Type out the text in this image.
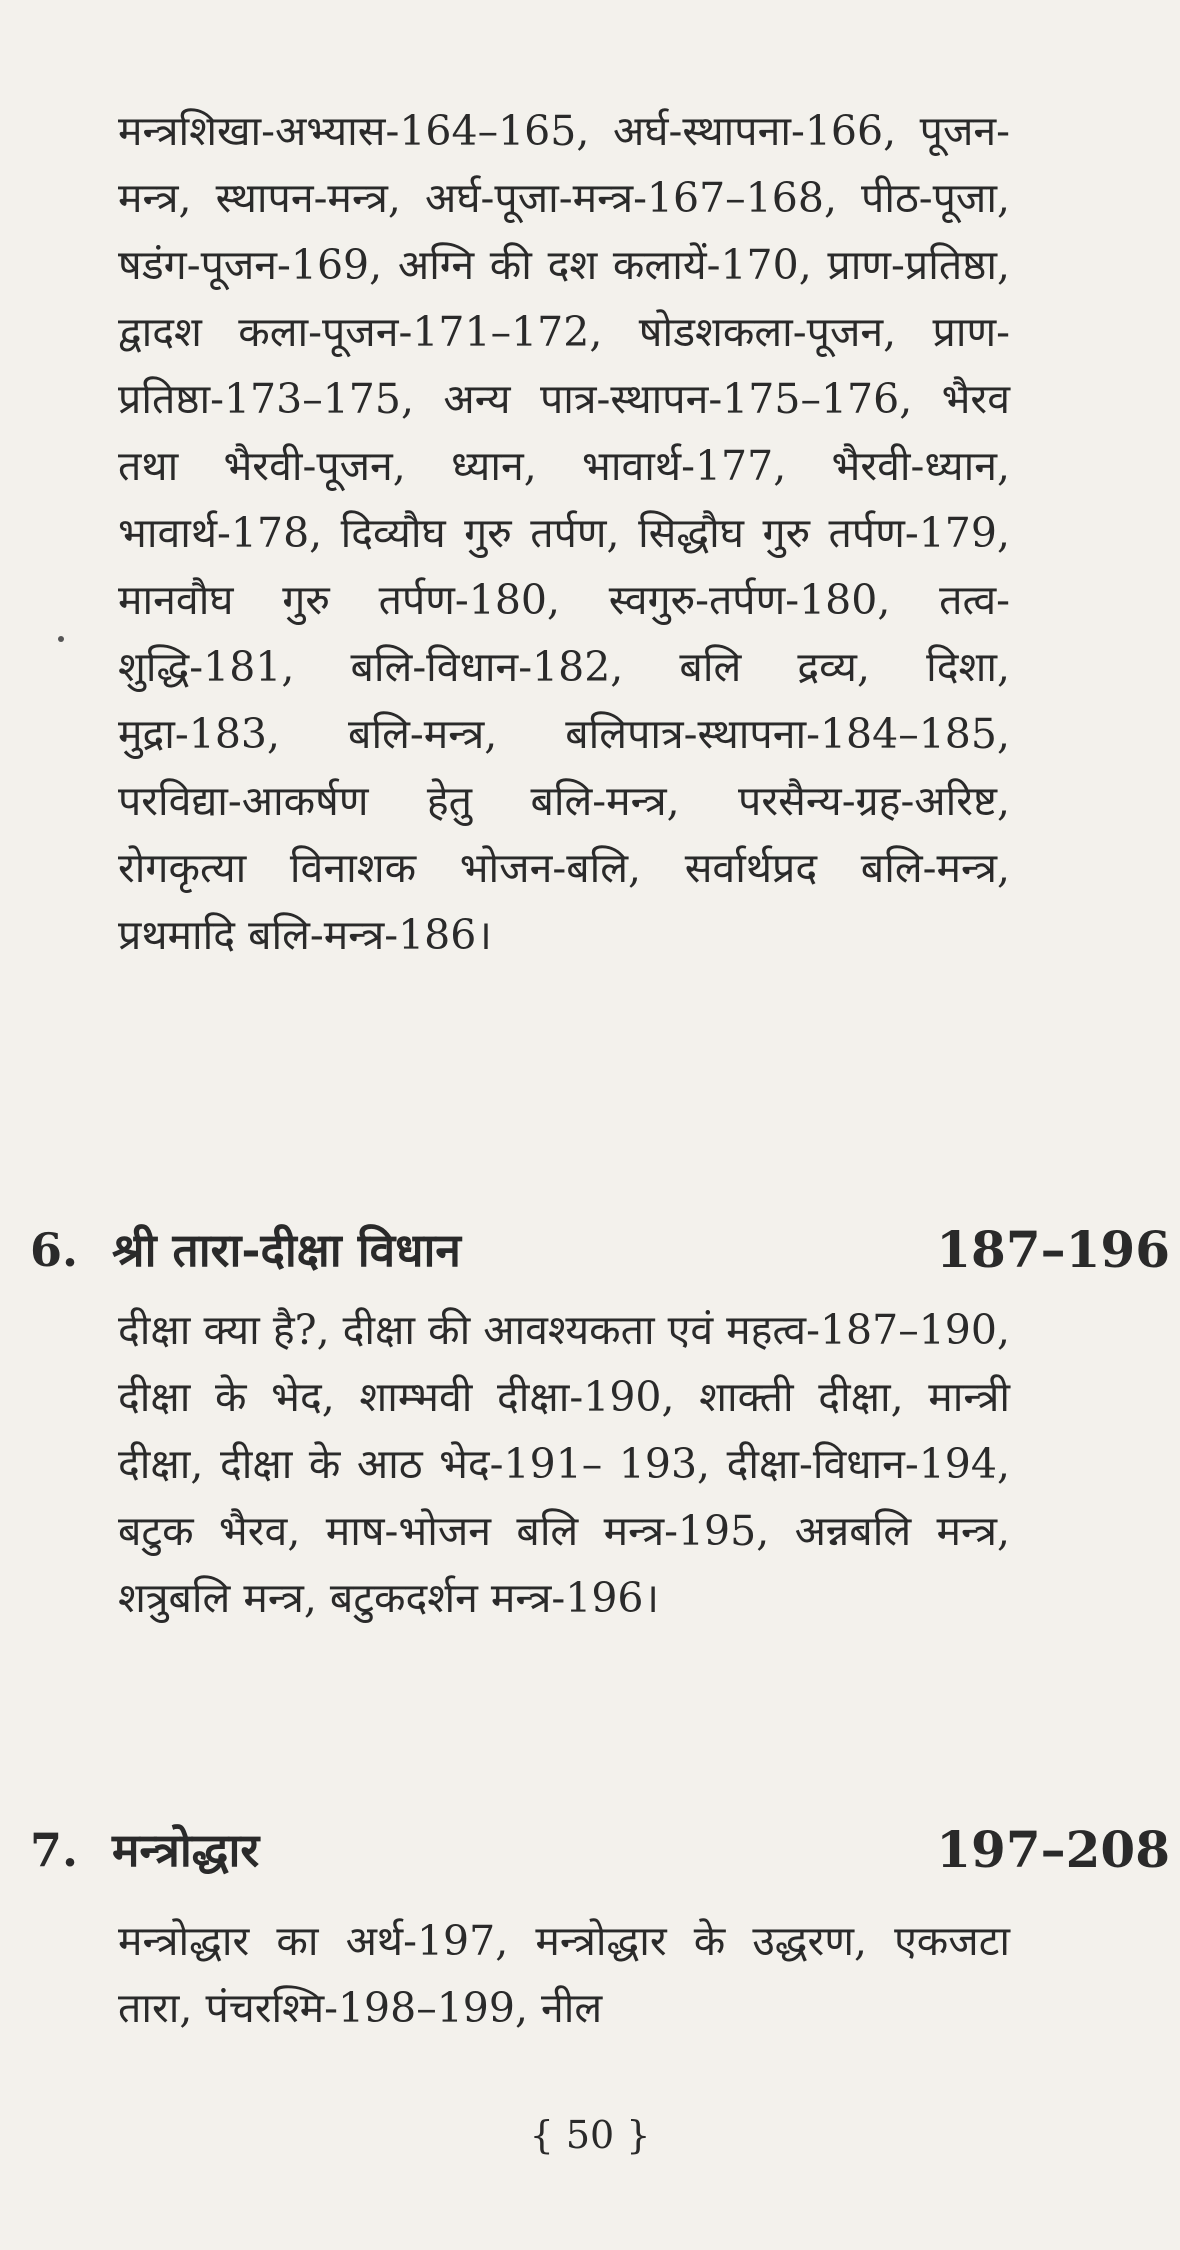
मन्त्रशिखा-अभ्यास-164–165, अर्घ-स्थापना-166, पूजन-मन्त्र, स्थापन-मन्त्र, अर्घ-पूजा-मन्त्र-167–168, पीठ-पूजा, षडंग-पूजन-169, अग्नि की दश कलायें-170, प्राण-प्रतिष्ठा, द्वादश कला-पूजन-171–172, षोडशकला-पूजन, प्राण-प्रतिष्ठा-173–175, अन्य पात्र-स्थापन-175–176, भैरव तथा भैरवी-पूजन, ध्यान, भावार्थ-177, भैरवी-ध्यान, भावार्थ-178, दिव्यौघ गुरु तर्पण, सिद्धौघ गुरु तर्पण-179, मानवौघ गुरु तर्पण-180, स्वगुरु-तर्पण-180, तत्व-शुद्धि-181, बलि-विधान-182, बलि द्रव्य, दिशा, मुद्रा-183, बलि-मन्त्र, बलिपात्र-स्थापना-184–185, परविद्या-आकर्षण हेतु बलि-मन्त्र, परसैन्य-ग्रह-अरिष्ट, रोगकृत्या विनाशक भोजन-बलि, सर्वार्थप्रद बलि-मन्त्र, प्रथमादि बलि-मन्त्र-186।

6. श्री तारा-दीक्षा विधान	187–196

दीक्षा क्या है?, दीक्षा की आवश्यकता एवं महत्व-187–190, दीक्षा के भेद, शाम्भवी दीक्षा-190, शाक्ती दीक्षा, मान्त्री दीक्षा, दीक्षा के आठ भेद-191– 193, दीक्षा-विधान-194, बटुक भैरव, माष-भोजन बलि मन्त्र-195, अन्नबलि मन्त्र, शत्रुबलि मन्त्र, बटुकदर्शन मन्त्र-196।

7. मन्त्रोद्धार	197–208

मन्त्रोद्धार का अर्थ-197, मन्त्रोद्धार के उद्धरण, एकजटा तारा, पंचरश्मि-198–199, नील

{ 50 }
